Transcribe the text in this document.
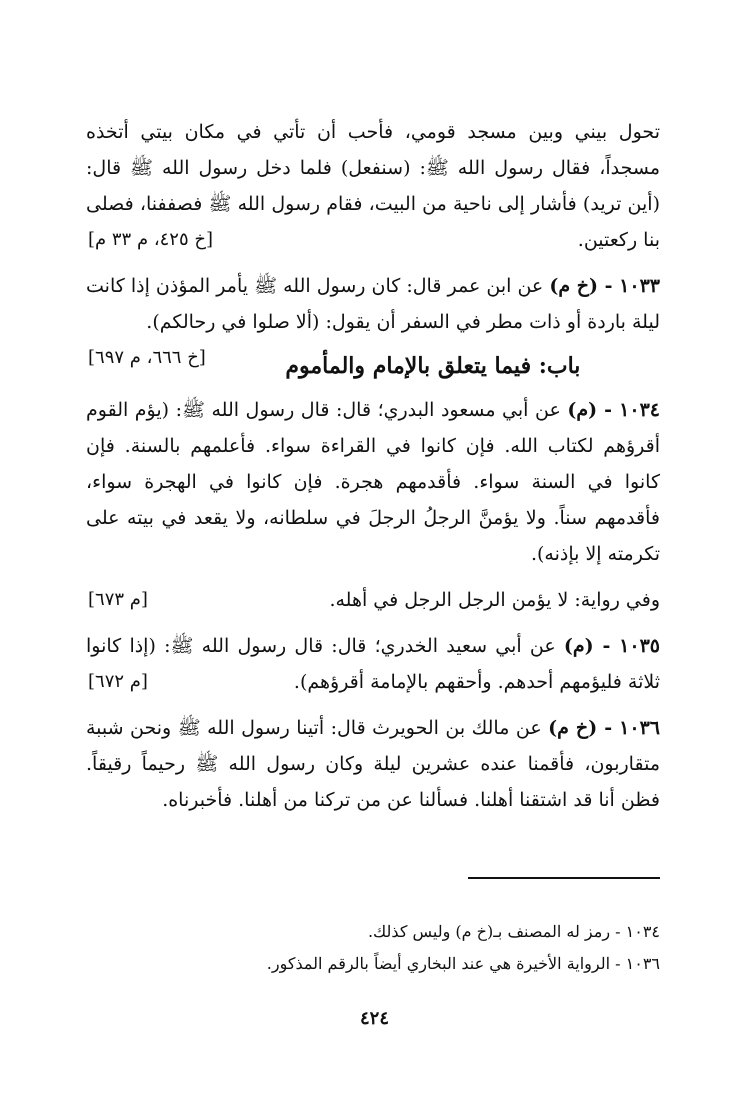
تحول بيني وبين مسجد قومي، فأحب أن تأتي في مكان بيتي أتخذه مسجداً، فقال رسول الله ﷺ: (سنفعل) فلما دخل رسول الله ﷺ قال: (أين تريد) فأشار إلى ناحية من البيت، فقام رسول الله ﷺ فصففنا، فصلى بنا ركعتين.
[خ ٤٢٥، م ٣٣ م]

١٠٣٣ - (خ م) عن ابن عمر قال: كان رسول الله ﷺ يأمر المؤذن إذا كانت ليلة باردة أو ذات مطر في السفر أن يقول: (ألا صلوا في رحالكم).
[خ ٦٦٦، م ٦٩٧]	باب: فيما يتعلق بالإمام والمأموم

١٠٣٤ - (م) عن أبي مسعود البدري؛ قال: قال رسول الله ﷺ: (يؤم القوم أقرؤهم لكتاب الله. فإن كانوا في القراءة سواء. فأعلمهم بالسنة. فإن كانوا في السنة سواء. فأقدمهم هجرة. فإن كانوا في الهجرة سواء، فأقدمهم سناً. ولا يؤمنَّ الرجلُ الرجلَ في سلطانه، ولا يقعد في بيته على تكرمته إلا بإذنه).

وفي رواية: لا يؤمن الرجل الرجل في أهله.
[م ٦٧٣]

١٠٣٥ - (م) عن أبي سعيد الخدري؛ قال: قال رسول الله ﷺ: (إذا كانوا ثلاثة فليؤمهم أحدهم. وأحقهم بالإمامة أقرؤهم).
[م ٦٧٢]

١٠٣٦ - (خ م) عن مالك بن الحويرث قال: أتينا رسول الله ﷺ ونحن شببة متقاربون، فأقمنا عنده عشرين ليلة وكان رسول الله ﷺ رحيماً رقيقاً. فظن أنا قد اشتقنا أهلنا. فسألنا عن من تركنا من أهلنا. فأخبرناه.

١٠٣٤ - رمز له المصنف بـ(خ م) وليس كذلك.
١٠٣٦ - الرواية الأخيرة هي عند البخاري أيضاً بالرقم المذكور.
٤٢٤
